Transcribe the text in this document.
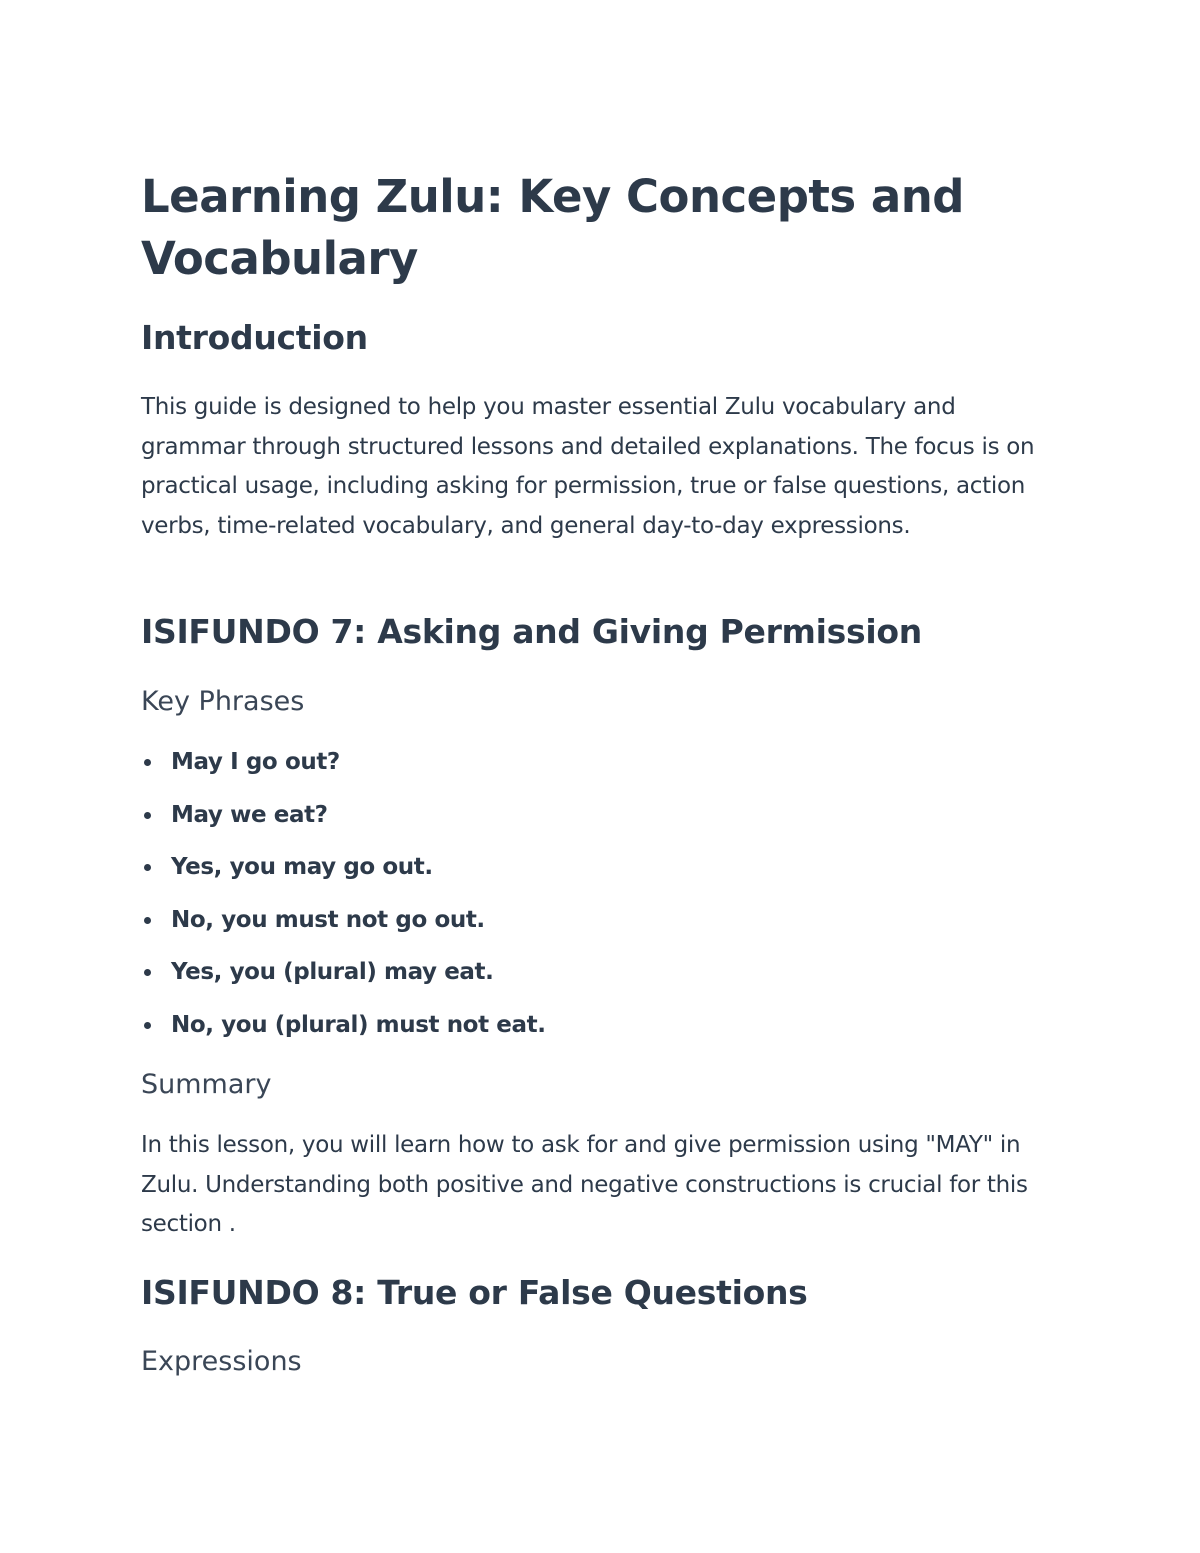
Learning Zulu: Key Concepts and Vocabulary
Introduction

This guide is designed to help you master essential Zulu vocabulary and grammar through structured lessons and detailed explanations. The focus is on practical usage, including asking for permission, true or false questions, action verbs, time-related vocabulary, and general day-to-day expressions.

ISIFUNDO 7: Asking and Giving Permission
Key Phrases
May I go out?
May we eat?
Yes, you may go out.
No, you must not go out.
Yes, you (plural) may eat.
No, you (plural) must not eat.
Summary

In this lesson, you will learn how to ask for and give permission using "MAY" in Zulu. Understanding both positive and negative constructions is crucial for this section .

ISIFUNDO 8: True or False Questions
Expressions
